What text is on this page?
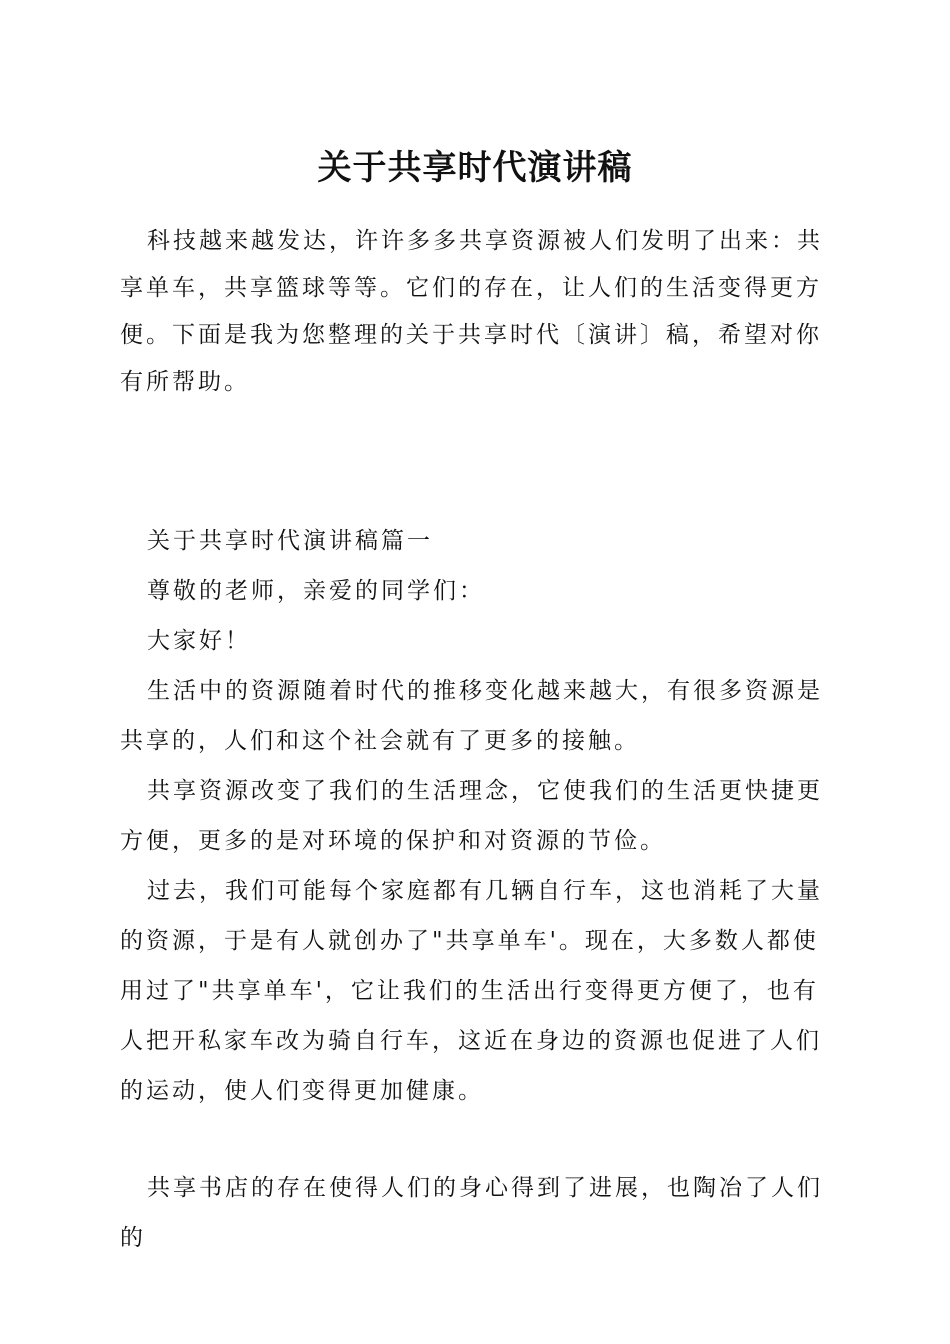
关于共享时代演讲稿

科技越来越发达，许许多多共享资源被人们发明了出来：共享单车，共享篮球等等。它们的存在，让人们的生活变得更方便。下面是我为您整理的关于共享时代〔演讲〕稿，希望对你有所帮助。

关于共享时代演讲稿篇一

尊敬的老师，亲爱的同学们：

大家好！

生活中的资源随着时代的推移变化越来越大，有很多资源是共享的，人们和这个社会就有了更多的接触。

共享资源改变了我们的生活理念，它使我们的生活更快捷更方便，更多的是对环境的保护和对资源的节俭。

过去，我们可能每个家庭都有几辆自行车，这也消耗了大量的资源，于是有人就创办了"共享单车'。现在，大多数人都使用过了"共享单车'，它让我们的生活出行变得更方便了，也有人把开私家车改为骑自行车，这近在身边的资源也促进了人们的运动，使人们变得更加健康。

共享书店的存在使得人们的身心得到了进展，也陶冶了人们的
